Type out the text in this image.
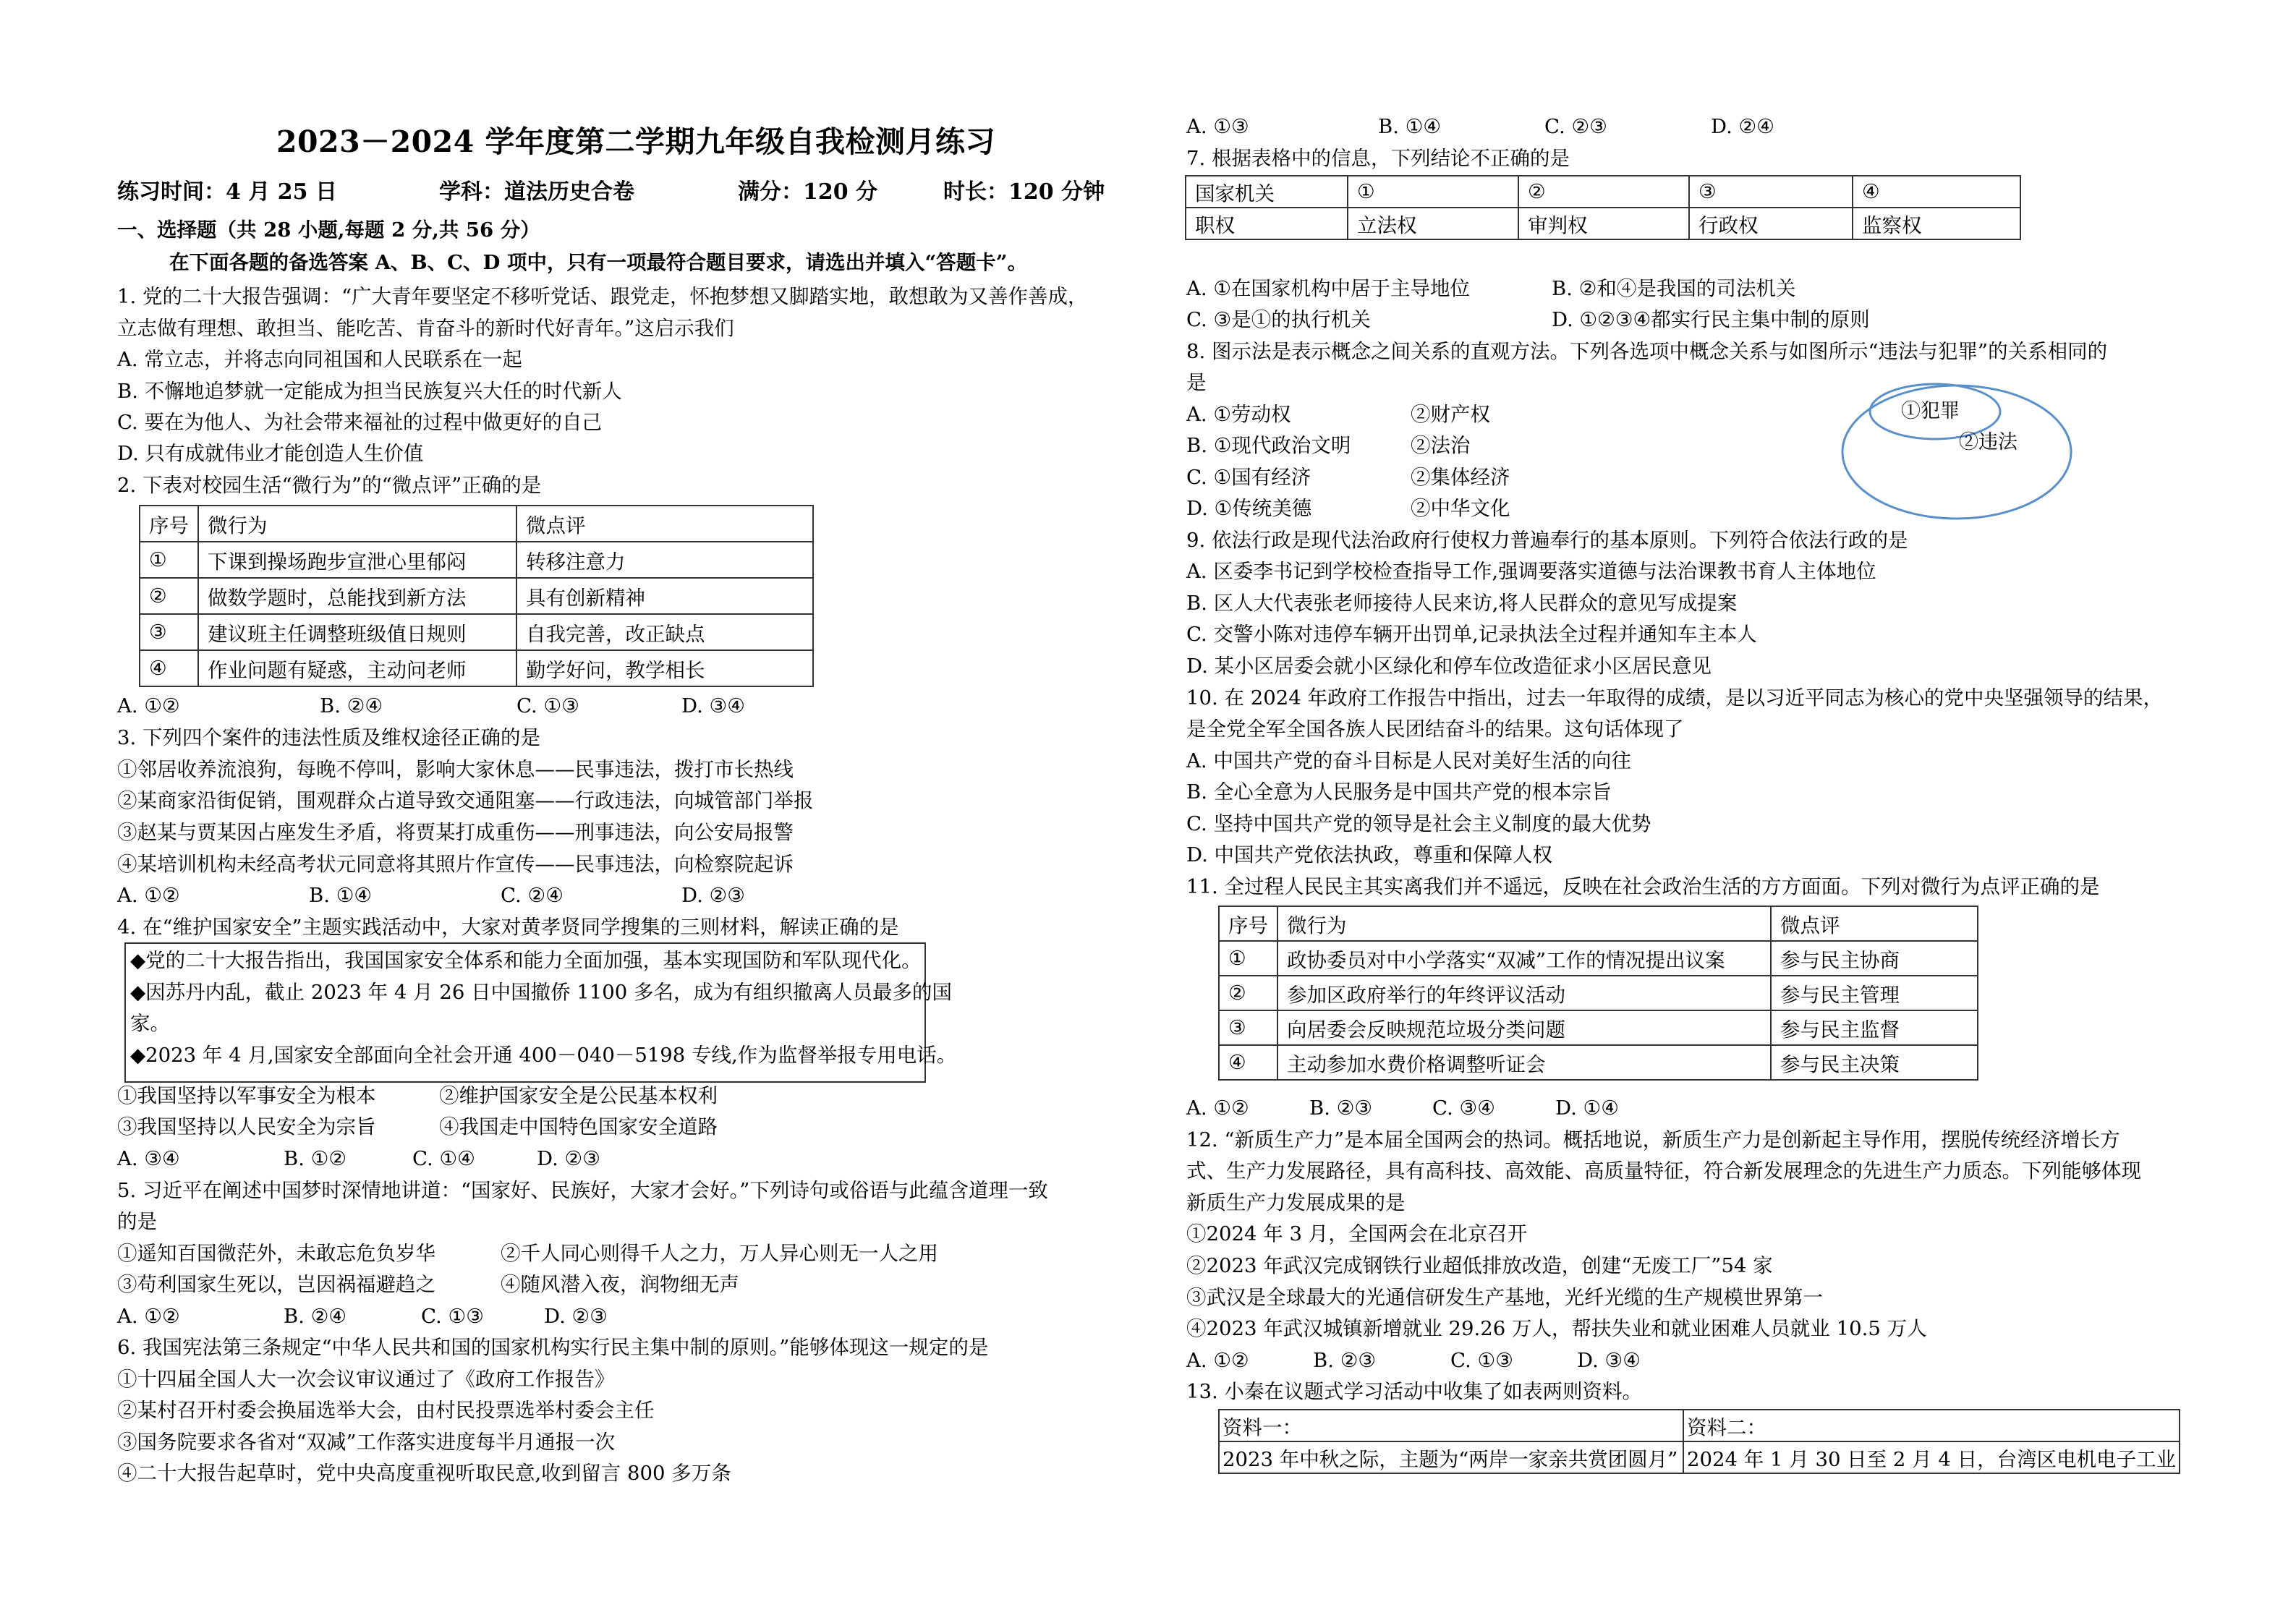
2023－2024 学年度第二学期九年级自我检测月练习
练习时间：4 月 25 日	学科：道法历史合卷	满分：120 分	时长：120 分钟
一、选择题（共 28 小题,每题 2 分,共 56 分）
在下面各题的备选答案 A、B、C、D 项中，只有一项最符合题目要求，请选出并填入“答题卡”。
1. 党的二十大报告强调：“广大青年要坚定不移听党话、跟党走，怀抱梦想又脚踏实地，敢想敢为又善作善成，
立志做有理想、敢担当、能吃苦、肯奋斗的新时代好青年。”这启示我们
A. 常立志，并将志向同祖国和人民联系在一起
B. 不懈地追梦就一定能成为担当民族复兴大任的时代新人
C. 要在为他人、为社会带来福祉的过程中做更好的自己
D. 只有成就伟业才能创造人生价值
2. 下表对校园生活“微行为”的“微点评”正确的是
序号	微行为	微点评
①	下课到操场跑步宣泄心里郁闷	转移注意力
②	做数学题时，总能找到新方法	具有创新精神
③	建议班主任调整班级值日规则	自我完善，改正缺点
④	作业问题有疑惑，主动问老师	勤学好问，教学相长
A. ①②	B. ②④	C. ①③	D. ③④
3. 下列四个案件的违法性质及维权途径正确的是
①邻居收养流浪狗，每晚不停叫，影响大家休息——民事违法，拨打市长热线
②某商家沿街促销，围观群众占道导致交通阻塞——行政违法，向城管部门举报
③赵某与贾某因占座发生矛盾，将贾某打成重伤——刑事违法，向公安局报警
④某培训机构未经高考状元同意将其照片作宣传——民事违法，向检察院起诉
A. ①②	B. ①④	C. ②④	D. ②③
4. 在“维护国家安全”主题实践活动中，大家对黄孝贤同学搜集的三则材料，解读正确的是
◆党的二十大报告指出，我国国家安全体系和能力全面加强，基本实现国防和军队现代化。
◆因苏丹内乱，截止 2023 年 4 月 26 日中国撤侨 1100 多名，成为有组织撤离人员最多的国
家。
◆2023 年 4 月,国家安全部面向全社会开通 400－040－5198 专线,作为监督举报专用电话。
①我国坚持以军事安全为根本	②维护国家安全是公民基本权利
③我国坚持以人民安全为宗旨	④我国走中国特色国家安全道路
A. ③④	B. ①②	C. ①④	D. ②③
5. 习近平在阐述中国梦时深情地讲道：“国家好、民族好，大家才会好。”下列诗句或俗语与此蕴含道理一致
的是
①遥知百国微茫外，未敢忘危负岁华	②千人同心则得千人之力，万人异心则无一人之用
③苟利国家生死以，岂因祸福避趋之	④随风潜入夜，润物细无声
A. ①②	B. ②④	C. ①③	D. ②③
6. 我国宪法第三条规定“中华人民共和国的国家机构实行民主集中制的原则。”能够体现这一规定的是
①十四届全国人大一次会议审议通过了《政府工作报告》
②某村召开村委会换届选举大会，由村民投票选举村委会主任
③国务院要求各省对“双减”工作落实进度每半月通报一次
④二十大报告起草时，党中央高度重视听取民意,收到留言 800 多万条
A. ①③	B. ①④	C. ②③	D. ②④
7. 根据表格中的信息，下列结论不正确的是
国家机关	①	②	③	④
职权	立法权	审判权	行政权	监察权
A. ①在国家机构中居于主导地位	B. ②和④是我国的司法机关
C. ③是①的执行机关	D. ①②③④都实行民主集中制的原则
8. 图示法是表示概念之间关系的直观方法。下列各选项中概念关系与如图所示“违法与犯罪”的关系相同的
是
A. ①劳动权	②财产权
B. ①现代政治文明	②法治
C. ①国有经济	②集体经济
D. ①传统美德	②中华文化
①犯罪
②违法
9. 依法行政是现代法治政府行使权力普遍奉行的基本原则。下列符合依法行政的是
A. 区委李书记到学校检查指导工作,强调要落实道德与法治课教书育人主体地位
B. 区人大代表张老师接待人民来访,将人民群众的意见写成提案
C. 交警小陈对违停车辆开出罚单,记录执法全过程并通知车主本人
D. 某小区居委会就小区绿化和停车位改造征求小区居民意见
10. 在 2024 年政府工作报告中指出，过去一年取得的成绩，是以习近平同志为核心的党中央坚强领导的结果，
是全党全军全国各族人民团结奋斗的结果。这句话体现了
A. 中国共产党的奋斗目标是人民对美好生活的向往
B. 全心全意为人民服务是中国共产党的根本宗旨
C. 坚持中国共产党的领导是社会主义制度的最大优势
D. 中国共产党依法执政，尊重和保障人权
11. 全过程人民民主其实离我们并不遥远，反映在社会政治生活的方方面面。下列对微行为点评正确的是
序号	微行为	微点评
①	政协委员对中小学落实“双减”工作的情况提出议案	参与民主协商
②	参加区政府举行的年终评议活动	参与民主管理
③	向居委会反映规范垃圾分类问题	参与民主监督
④	主动参加水费价格调整听证会	参与民主决策
A. ①②	B. ②③	C. ③④	D. ①④
12. “新质生产力”是本届全国两会的热词。概括地说，新质生产力是创新起主导作用，摆脱传统经济增长方
式、生产力发展路径，具有高科技、高效能、高质量特征，符合新发展理念的先进生产力质态。下列能够体现
新质生产力发展成果的是
①2024 年 3 月，全国两会在北京召开
②2023 年武汉完成钢铁行业超低排放改造，创建“无废工厂”54 家
③武汉是全球最大的光通信研发生产基地，光纤光缆的生产规模世界第一
④2023 年武汉城镇新增就业 29.26 万人，帮扶失业和就业困难人员就业 10.5 万人
A. ①②	B. ②③	C. ①③	D. ③④
13. 小秦在议题式学习活动中收集了如表两则资料。
资料一：	资料二：
2023 年中秋之际，主题为“两岸一家亲共赏团圆月”	2024 年 1 月 30 日至 2 月 4 日，台湾区电机电子工业
